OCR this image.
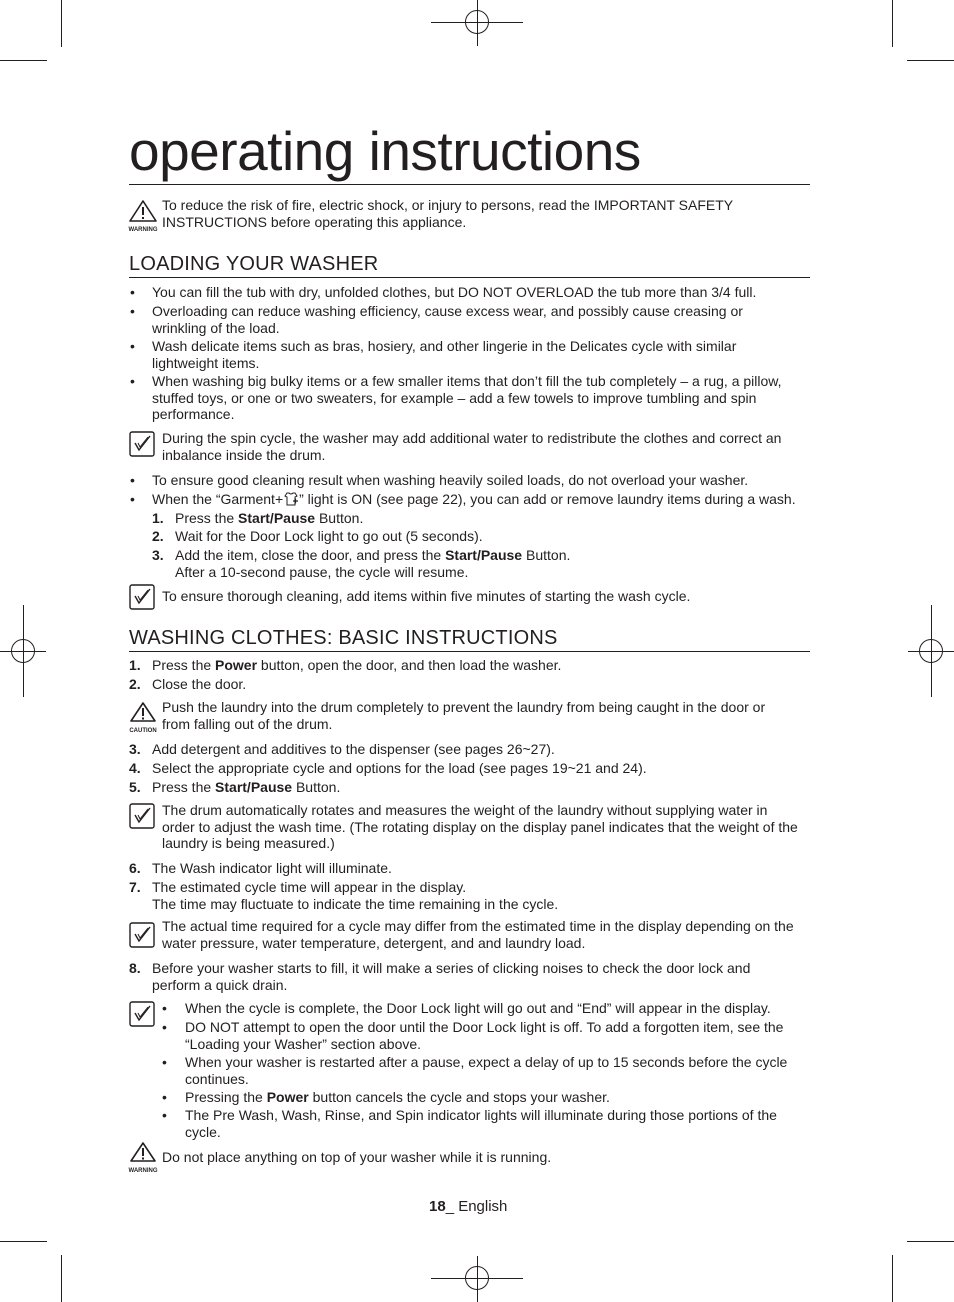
operating instructions
WARNING
To reduce the risk of fire, electric shock, or injury to persons, read the IMPORTANT SAFETY
INSTRUCTIONS before operating this appliance.
LOADING YOUR WASHER
• You can fill the tub with dry, unfolded clothes, but DO NOT OVERLOAD the tub more than 3/4 full.
• Overloading can reduce washing efficiency, cause excess wear, and possibly cause creasing or
wrinkling of the load.
• Wash delicate items such as bras, hosiery, and other lingerie in the Delicates cycle with similar
lightweight items.
• When washing big bulky items or a few smaller items that don’t fill the tub completely – a rug, a pillow,
stuffed toys, or one or two sweaters, for example – add a few towels to improve tumbling and spin
performance.
During the spin cycle, the washer may add additional water to redistribute the clothes and correct an
inbalance inside the drum.
• To ensure good cleaning result when washing heavily soiled loads, do not overload your washer.
• When the “Garment+ ” light is ON (see page 22), you can add or remove laundry items during a wash.
1. Press the Start/Pause Button.
2. Wait for the Door Lock light to go out (5 seconds).
3. Add the item, close the door, and press the Start/Pause Button.
After a 10-second pause, the cycle will resume.
To ensure thorough cleaning, add items within five minutes of starting the wash cycle.
WASHING CLOTHES: BASIC INSTRUCTIONS
1. Press the Power button, open the door, and then load the washer.
2. Close the door.
CAUTION
Push the laundry into the drum completely to prevent the laundry from being caught in the door or
from falling out of the drum.
3. Add detergent and additives to the dispenser (see pages 26~27).
4. Select the appropriate cycle and options for the load (see pages 19~21 and 24).
5. Press the Start/Pause Button.
The drum automatically rotates and measures the weight of the laundry without supplying water in
order to adjust the wash time. (The rotating display on the display panel indicates that the weight of the
laundry is being measured.)
6. The Wash indicator light will illuminate.
7. The estimated cycle time will appear in the display.
The time may fluctuate to indicate the time remaining in the cycle.
The actual time required for a cycle may differ from the estimated time in the display depending on the
water pressure, water temperature, detergent, and and laundry load.
8. Before your washer starts to fill, it will make a series of clicking noises to check the door lock and
perform a quick drain.
• When the cycle is complete, the Door Lock light will go out and “End” will appear in the display.
• DO NOT attempt to open the door until the Door Lock light is off. To add a forgotten item, see the
“Loading your Washer” section above.
• When your washer is restarted after a pause, expect a delay of up to 15 seconds before the cycle
continues.
• Pressing the Power button cancels the cycle and stops your washer.
• The Pre Wash, Wash, Rinse, and Spin indicator lights will illuminate during those portions of the
cycle.
WARNING
Do not place anything on top of your washer while it is running.
18_ English
